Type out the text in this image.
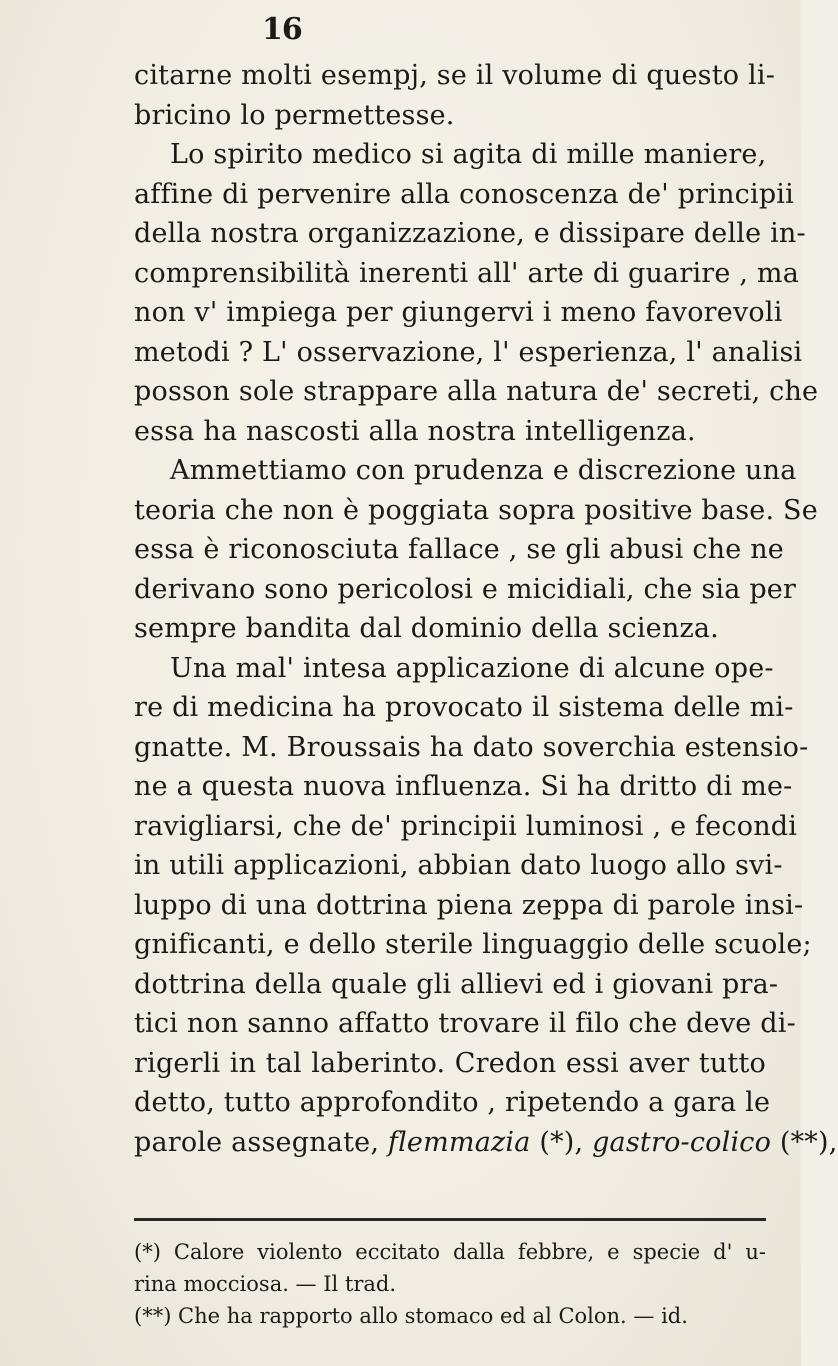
16
citarne molti esempj, se il volume di questo li-
bricino lo permettesse.
Lo spirito medico si agita di mille maniere,
affine di pervenire alla conoscenza de' principii
della nostra organizzazione, e dissipare delle in-
comprensibilità inerenti all' arte di guarire , ma
non v' impiega per giungervi i meno favorevoli
metodi ? L' osservazione, l' esperienza, l' analisi
posson sole strappare alla natura de' secreti, che
essa ha nascosti alla nostra intelligenza.
Ammettiamo con prudenza e discrezione una
teoria che non è poggiata sopra positive base. Se
essa è riconosciuta fallace , se gli abusi che ne
derivano sono pericolosi e micidiali, che sia per
sempre bandita dal dominio della scienza.
Una mal' intesa applicazione di alcune ope-
re di medicina ha provocato il sistema delle mi-
gnatte. M. Broussais ha dato soverchia estensio-
ne a questa nuova influenza. Si ha dritto di me-
ravigliarsi, che de' principii luminosi , e fecondi
in utili applicazioni, abbian dato luogo allo svi-
luppo di una dottrina piena zeppa di parole insi-
gnificanti, e dello sterile linguaggio delle scuole;
dottrina della quale gli allievi ed i giovani pra-
tici non sanno affatto trovare il filo che deve di-
rigerli in tal laberinto. Credon essi aver tutto
detto, tutto approfondito , ripetendo a gara le
parole assegnate, flemmazia (*), gastro-colico (**),
(*) Calore violento eccitato dalla febbre, e specie d' u-
rina mocciosa. — Il trad.
(**) Che ha rapporto allo stomaco ed al Colon. — id.
